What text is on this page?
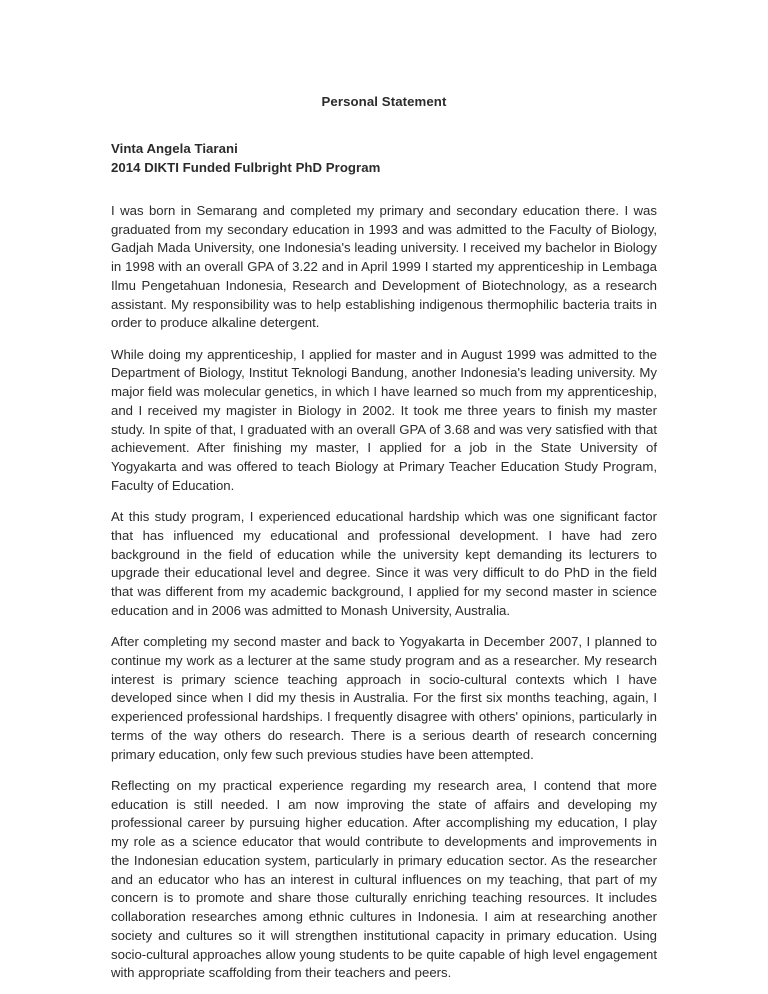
Personal Statement
Vinta Angela Tiarani
2014 DIKTI Funded Fulbright PhD Program

I was born in Semarang and completed my primary and secondary education there. I was graduated from my secondary education in 1993 and was admitted to the Faculty of Biology, Gadjah Mada University, one Indonesia's leading university. I received my bachelor in Biology in 1998 with an overall GPA of 3.22 and in April 1999 I started my apprenticeship in Lembaga Ilmu Pengetahuan Indonesia, Research and Development of Biotechnology, as a research assistant. My responsibility was to help establishing indigenous thermophilic bacteria traits in order to produce alkaline detergent.

While doing my apprenticeship, I applied for master and in August 1999 was admitted to the Department of Biology, Institut Teknologi Bandung, another Indonesia's leading university. My major field was molecular genetics, in which I have learned so much from my apprenticeship, and I received my magister in Biology in 2002. It took me three years to finish my master study. In spite of that, I graduated with an overall GPA of 3.68 and was very satisfied with that achievement. After finishing my master, I applied for a job in the State University of Yogyakarta and was offered to teach Biology at Primary Teacher Education Study Program, Faculty of Education.

At this study program, I experienced educational hardship which was one significant factor that has influenced my educational and professional development. I have had zero background in the field of education while the university kept demanding its lecturers to upgrade their educational level and degree. Since it was very difficult to do PhD in the field that was different from my academic background, I applied for my second master in science education and in 2006 was admitted to Monash University, Australia.

After completing my second master and back to Yogyakarta in December 2007, I planned to continue my work as a lecturer at the same study program and as a researcher. My research interest is primary science teaching approach in socio-cultural contexts which I have developed since when I did my thesis in Australia. For the first six months teaching, again, I experienced professional hardships. I frequently disagree with others' opinions, particularly in terms of the way others do research. There is a serious dearth of research concerning primary education, only few such previous studies have been attempted.

Reflecting on my practical experience regarding my research area, I contend that more education is still needed. I am now improving the state of affairs and developing my professional career by pursuing higher education. After accomplishing my education, I play my role as a science educator that would contribute to developments and improvements in the Indonesian education system, particularly in primary education sector. As the researcher and an educator who has an interest in cultural influences on my teaching, that part of my concern is to promote and share those culturally enriching teaching resources. It includes collaboration researches among ethnic cultures in Indonesia. I aim at researching another society and cultures so it will strengthen institutional capacity in primary education. Using socio-cultural approaches allow young students to be quite capable of high level engagement with appropriate scaffolding from their teachers and peers.
